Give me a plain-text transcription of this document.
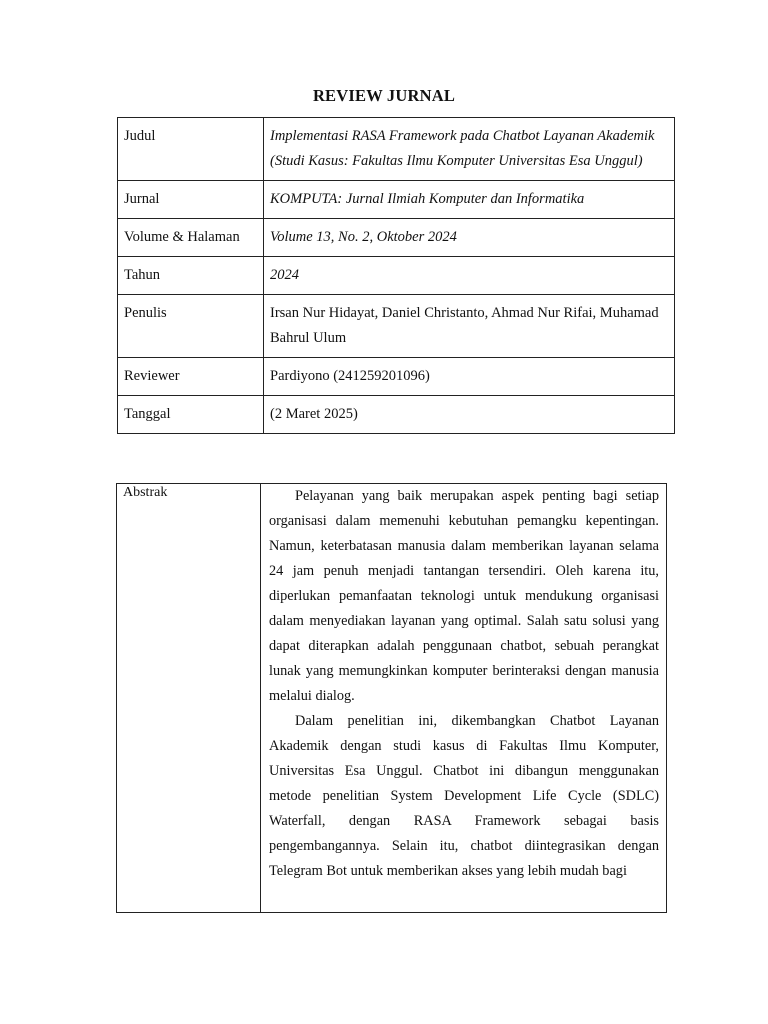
REVIEW JURNAL
Judul	Implementasi RASA Framework pada Chatbot Layanan Akademik (Studi Kasus: Fakultas Ilmu Komputer Universitas Esa Unggul)
Jurnal	KOMPUTA: Jurnal Ilmiah Komputer dan Informatika
Volume & Halaman	Volume 13, No. 2, Oktober 2024
Tahun	2024
Penulis	Irsan Nur Hidayat, Daniel Christanto, Ahmad Nur Rifai, Muhamad Bahrul Ulum
Reviewer	Pardiyono (241259201096)
Tanggal	(2 Maret 2025)
Abstrak	Pelayanan yang baik merupakan aspek penting bagi setiap organisasi dalam memenuhi kebutuhan pemangku kepentingan. Namun, keterbatasan manusia dalam memberikan layanan selama 24 jam penuh menjadi tantangan tersendiri. Oleh karena itu, diperlukan pemanfaatan teknologi untuk mendukung organisasi dalam menyediakan layanan yang optimal. Salah satu solusi yang dapat diterapkan adalah penggunaan chatbot, sebuah perangkat lunak yang memungkinkan komputer berinteraksi dengan manusia melalui dialog.

Dalam penelitian ini, dikembangkan Chatbot Layanan Akademik dengan studi kasus di Fakultas Ilmu Komputer, Universitas Esa Unggul. Chatbot ini dibangun menggunakan metode penelitian System Development Life Cycle (SDLC) Waterfall, dengan RASA Framework sebagai basis pengembangannya. Selain itu, chatbot diintegrasikan dengan Telegram Bot untuk memberikan akses yang lebih mudah bagi
